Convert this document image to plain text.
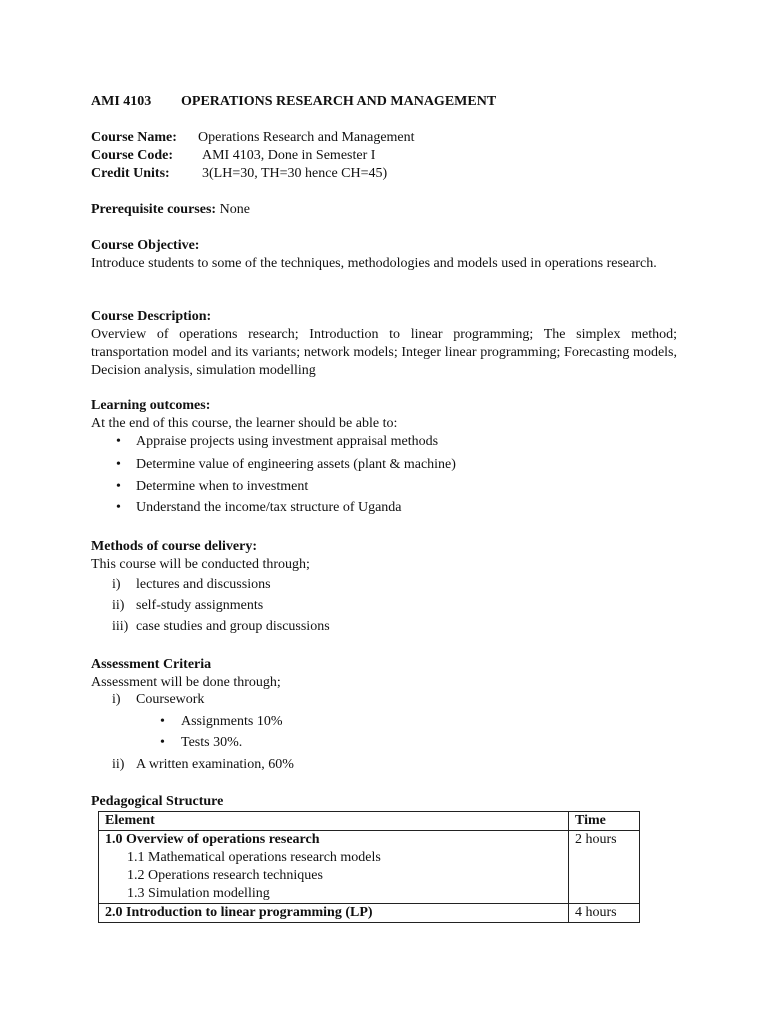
AMI 4103 OPERATIONS RESEARCH AND MANAGEMENT
Course Name: Operations Research and Management
Course Code: AMI 4103, Done in Semester I
Credit Units: 3(LH=30, TH=30 hence CH=45)
Prerequisite courses: None
Course Objective:
Introduce students to some of the techniques, methodologies and models used in operations research.
Course Description:
Overview of operations research; Introduction to linear programming; The simplex method; transportation model and its variants; network models; Integer linear programming; Forecasting models, Decision analysis, simulation modelling
Learning outcomes:
At the end of this course, the learner should be able to:
• Appraise projects using investment appraisal methods
• Determine value of engineering assets (plant & machine)
• Determine when to investment
• Understand the income/tax structure of Uganda
Methods of course delivery:
This course will be conducted through;
i) lectures and discussions
ii) self-study assignments
iii) case studies and group discussions
Assessment Criteria
Assessment will be done through;
i) Coursework
• Assignments 10%
• Tests 30%.
ii) A written examination, 60%
Pedagogical Structure
Element	Time

1.0 Overview of operations research
1.1 Mathematical operations research models
1.2 Operations research techniques
1.3 Simulation modelling	2 hours
2.0 Introduction to linear programming (LP)	4 hours
